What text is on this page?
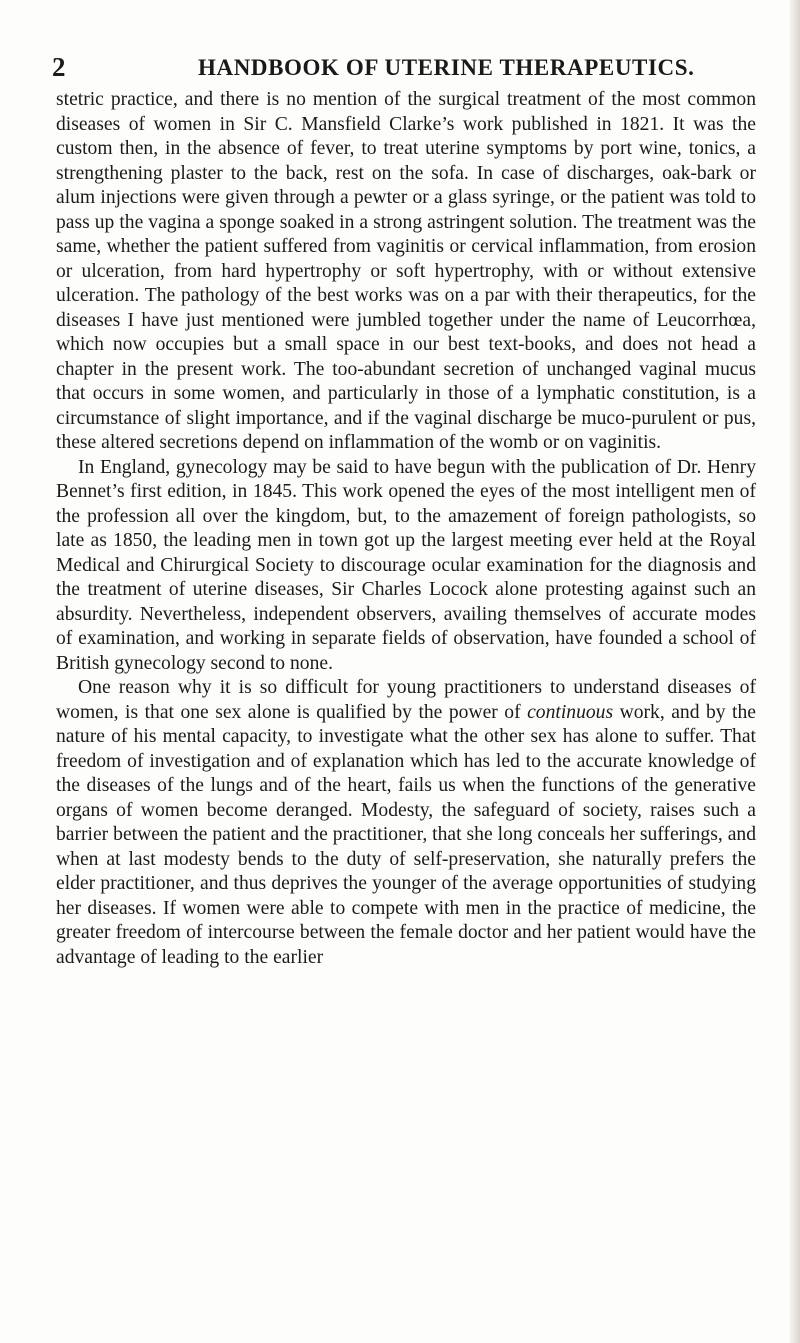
2	HANDBOOK OF UTERINE THERAPEUTICS.

stetric practice, and there is no mention of the surgical treatment of the most common diseases of women in Sir C. Mansfield Clarke’s work published in 1821. It was the custom then, in the absence of fever, to treat uterine symptoms by port wine, tonics, a strengthening plaster to the back, rest on the sofa. In case of discharges, oak-bark or alum injections were given through a pewter or a glass syringe, or the patient was told to pass up the vagina a sponge soaked in a strong astringent solution. The treatment was the same, whether the patient suffered from vaginitis or cervical inflammation, from erosion or ulceration, from hard hypertrophy or soft hypertrophy, with or without extensive ulceration. The pathology of the best works was on a par with their therapeutics, for the diseases I have just mentioned were jumbled together under the name of Leucorrhœa, which now occupies but a small space in our best text-books, and does not head a chapter in the present work. The too-abundant secretion of unchanged vaginal mucus that occurs in some women, and particularly in those of a lymphatic constitution, is a circumstance of slight importance, and if the vaginal discharge be muco-purulent or pus, these altered secretions depend on inflammation of the womb or on vaginitis.

In England, gynecology may be said to have begun with the publication of Dr. Henry Bennet’s first edition, in 1845. This work opened the eyes of the most intelligent men of the profession all over the kingdom, but, to the amazement of foreign pathologists, so late as 1850, the leading men in town got up the largest meeting ever held at the Royal Medical and Chirurgical Society to discourage ocular examination for the diagnosis and the treatment of uterine diseases, Sir Charles Locock alone protesting against such an absurdity. Nevertheless, independent observers, availing themselves of accurate modes of examination, and working in separate fields of observation, have founded a school of British gynecology second to none.

One reason why it is so difficult for young practitioners to understand diseases of women, is that one sex alone is qualified by the power of continuous work, and by the nature of his mental capacity, to investigate what the other sex has alone to suffer. That freedom of investigation and of explanation which has led to the accurate knowledge of the diseases of the lungs and of the heart, fails us when the functions of the generative organs of women become deranged. Modesty, the safeguard of society, raises such a barrier between the patient and the practitioner, that she long conceals her sufferings, and when at last modesty bends to the duty of self-preservation, she naturally prefers the elder practitioner, and thus deprives the younger of the average opportunities of studying her diseases. If women were able to compete with men in the practice of medicine, the greater freedom of intercourse between the female doctor and her patient would have the advantage of leading to the earlier
